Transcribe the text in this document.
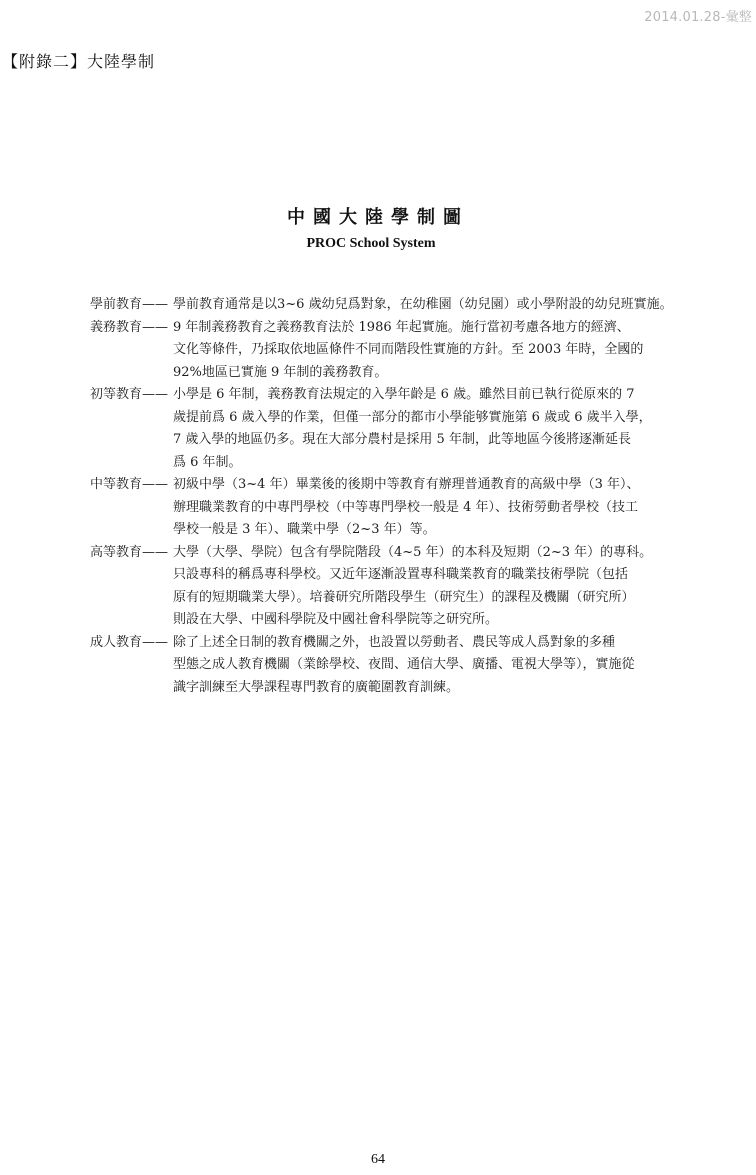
2014.01.28-彙整
【附錄二】大陸學制
中國大陸學制圖
PROC School System
學前教育—— 學前教育通常是以3~6 歲幼兒爲對象，在幼稚園（幼兒園）或小學附設的幼兒班實施。
義務教育—— 9 年制義務教育之義務教育法於 1986 年起實施。施行當初考慮各地方的經濟、
文化等條件，乃採取依地區條件不同而階段性實施的方針。至 2003 年時，全國的
92%地區已實施 9 年制的義務教育。
初等教育—— 小學是 6 年制，義務教育法規定的入學年齡是 6 歲。雖然目前已執行從原來的 7
歲提前爲 6 歲入學的作業，但僅一部分的都市小學能够實施第 6 歲或 6 歲半入學，
7 歲入學的地區仍多。現在大部分農村是採用 5 年制，此等地區今後將逐漸延長
爲 6 年制。
中等教育—— 初級中學（3~4 年）畢業後的後期中等教育有辦理普通教育的高級中學（3 年）、
辦理職業教育的中專門學校（中等專門學校一般是 4 年）、技術勞動者學校（技工
學校一般是 3 年）、職業中學（2~3 年）等。
高等教育—— 大學（大學、學院）包含有學院階段（4~5 年）的本科及短期（2~3 年）的專科。
只設專科的稱爲專科學校。又近年逐漸設置專科職業教育的職業技術學院（包括
原有的短期職業大學）。培養研究所階段學生（研究生）的課程及機關（研究所）
則設在大學、中國科學院及中國社會科學院等之研究所。
成人教育—— 除了上述全日制的教育機關之外，也設置以勞動者、農民等成人爲對象的多種
型態之成人教育機關（業餘學校、夜間、通信大學、廣播、電視大學等），實施從
識字訓練至大學課程專門教育的廣範圍教育訓練。
64
